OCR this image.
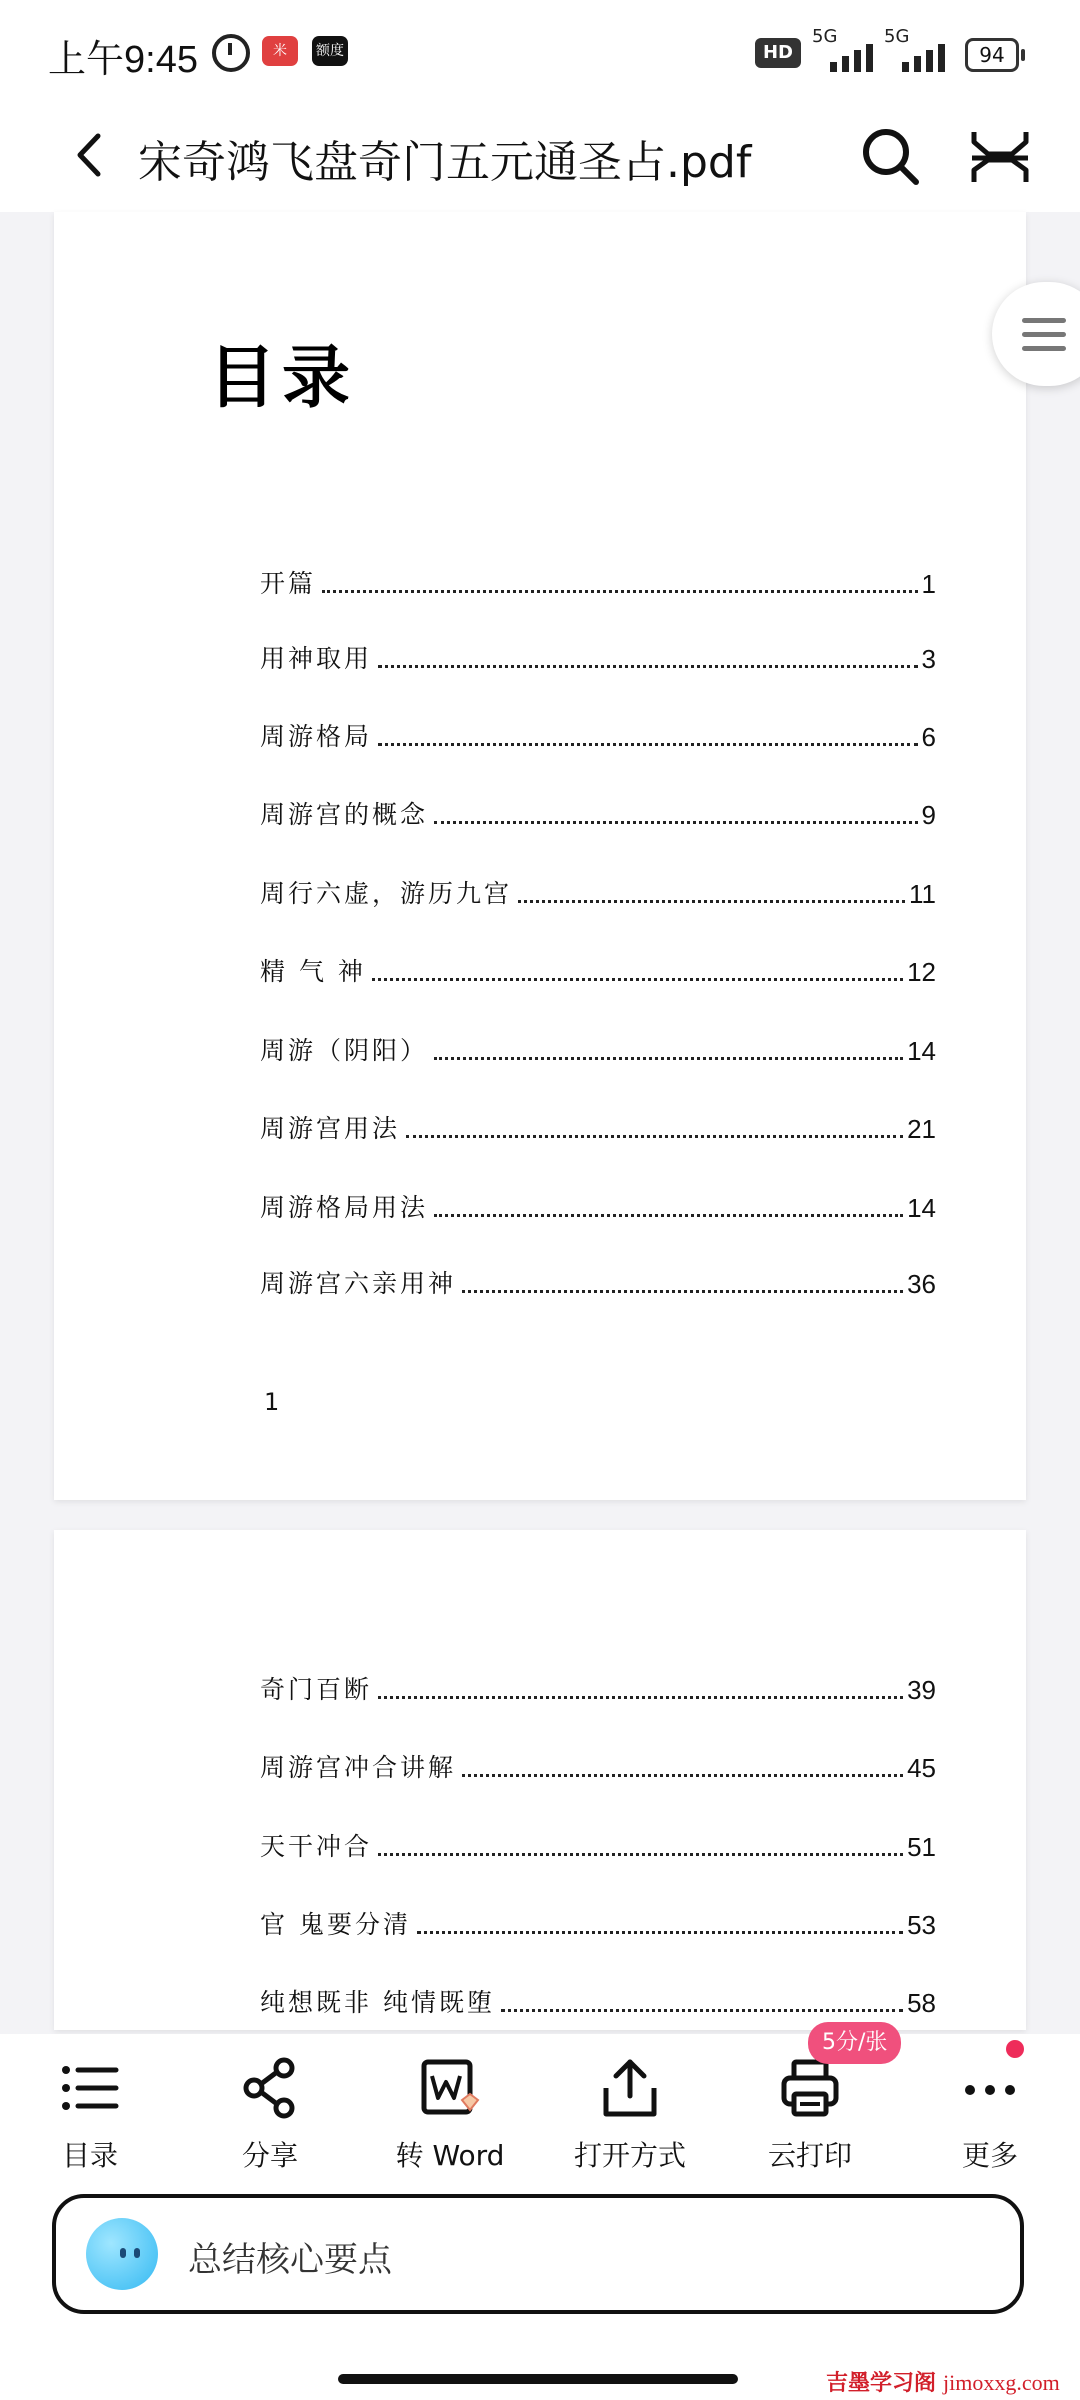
上午9:45	米	额度	HD
5G	5G
94
宋奇鸿飞盘奇门五元通圣占.pdf
目录
开篇	1
用神取用	3
周游格局	6
周游宫的概念	9
周行六虚，游历九宫	11
精 气 神	12
周游（阴阳）	14
周游宫用法	21
周游格局用法	14
周游宫六亲用神	36
1
奇门百断	39
周游宫冲合讲解	45
天干冲合	51
官 鬼要分清	53
纯想既非 纯情既堕	58
目录	分享	转 Word	打开方式	云打印	更多
总结核心要点
5分/张
吉墨学习阁 jimoxxg.com
